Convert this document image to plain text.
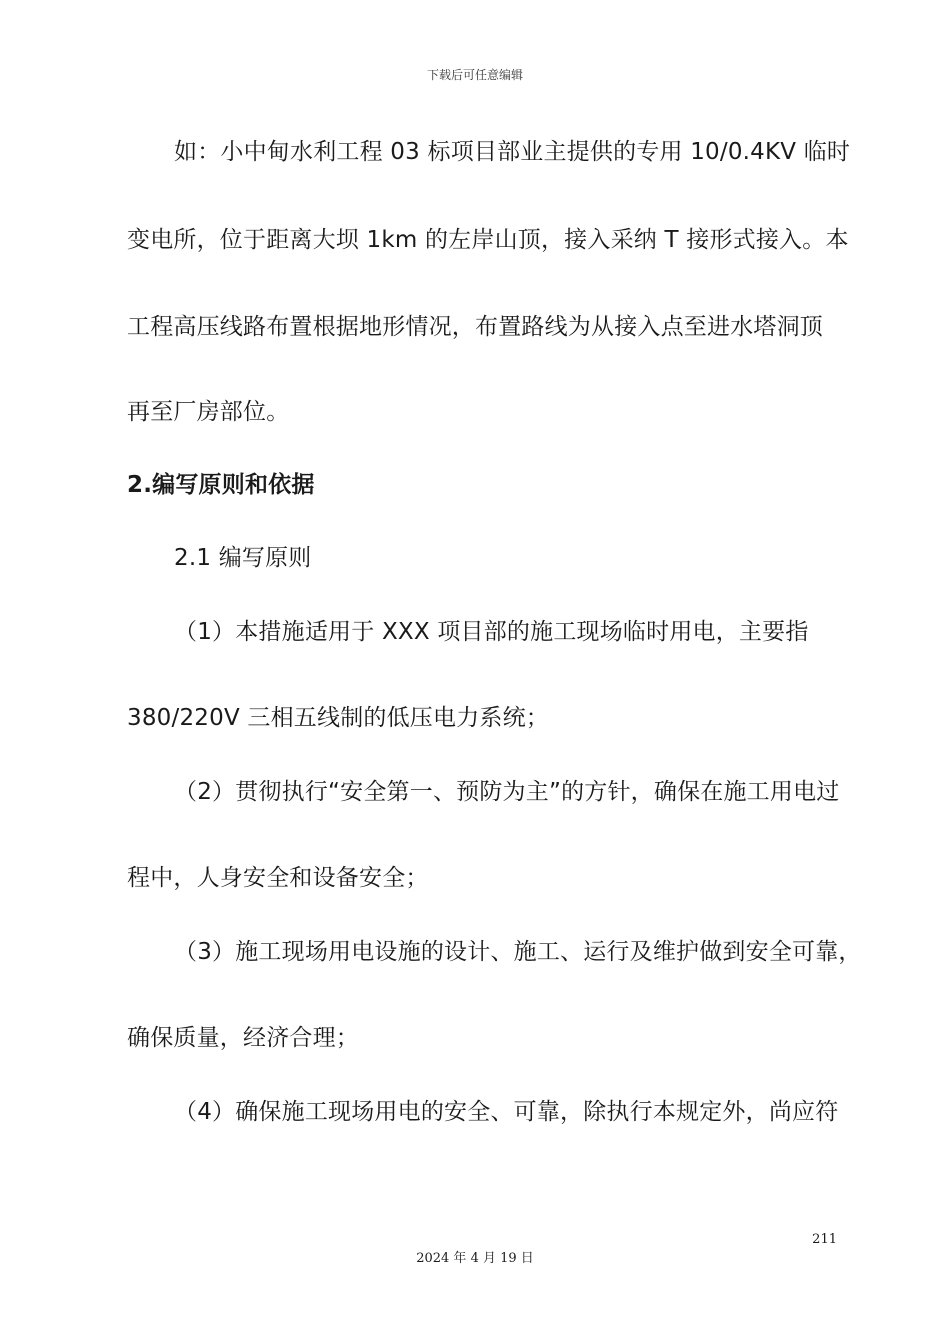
下载后可任意编辑
如：小中甸水利工程 03 标项目部业主提供的专用 10/0.4KV 临时
变电所，位于距离大坝 1km 的左岸山顶，接入采纳 T 接形式接入。本
工程高压线路布置根据地形情况，布置路线为从接入点至进水塔洞顶
再至厂房部位。
2.编写原则和依据
2.1 编写原则
（1）本措施适用于 XXX 项目部的施工现场临时用电，主要指
380/220V 三相五线制的低压电力系统；
（2）贯彻执行“安全第一、预防为主”的方针，确保在施工用电过
程中，人身安全和设备安全；
（3）施工现场用电设施的设计、施工、运行及维护做到安全可靠，
确保质量，经济合理；
（4）确保施工现场用电的安全、可靠，除执行本规定外，尚应符
211
2024 年 4 月 19 日
